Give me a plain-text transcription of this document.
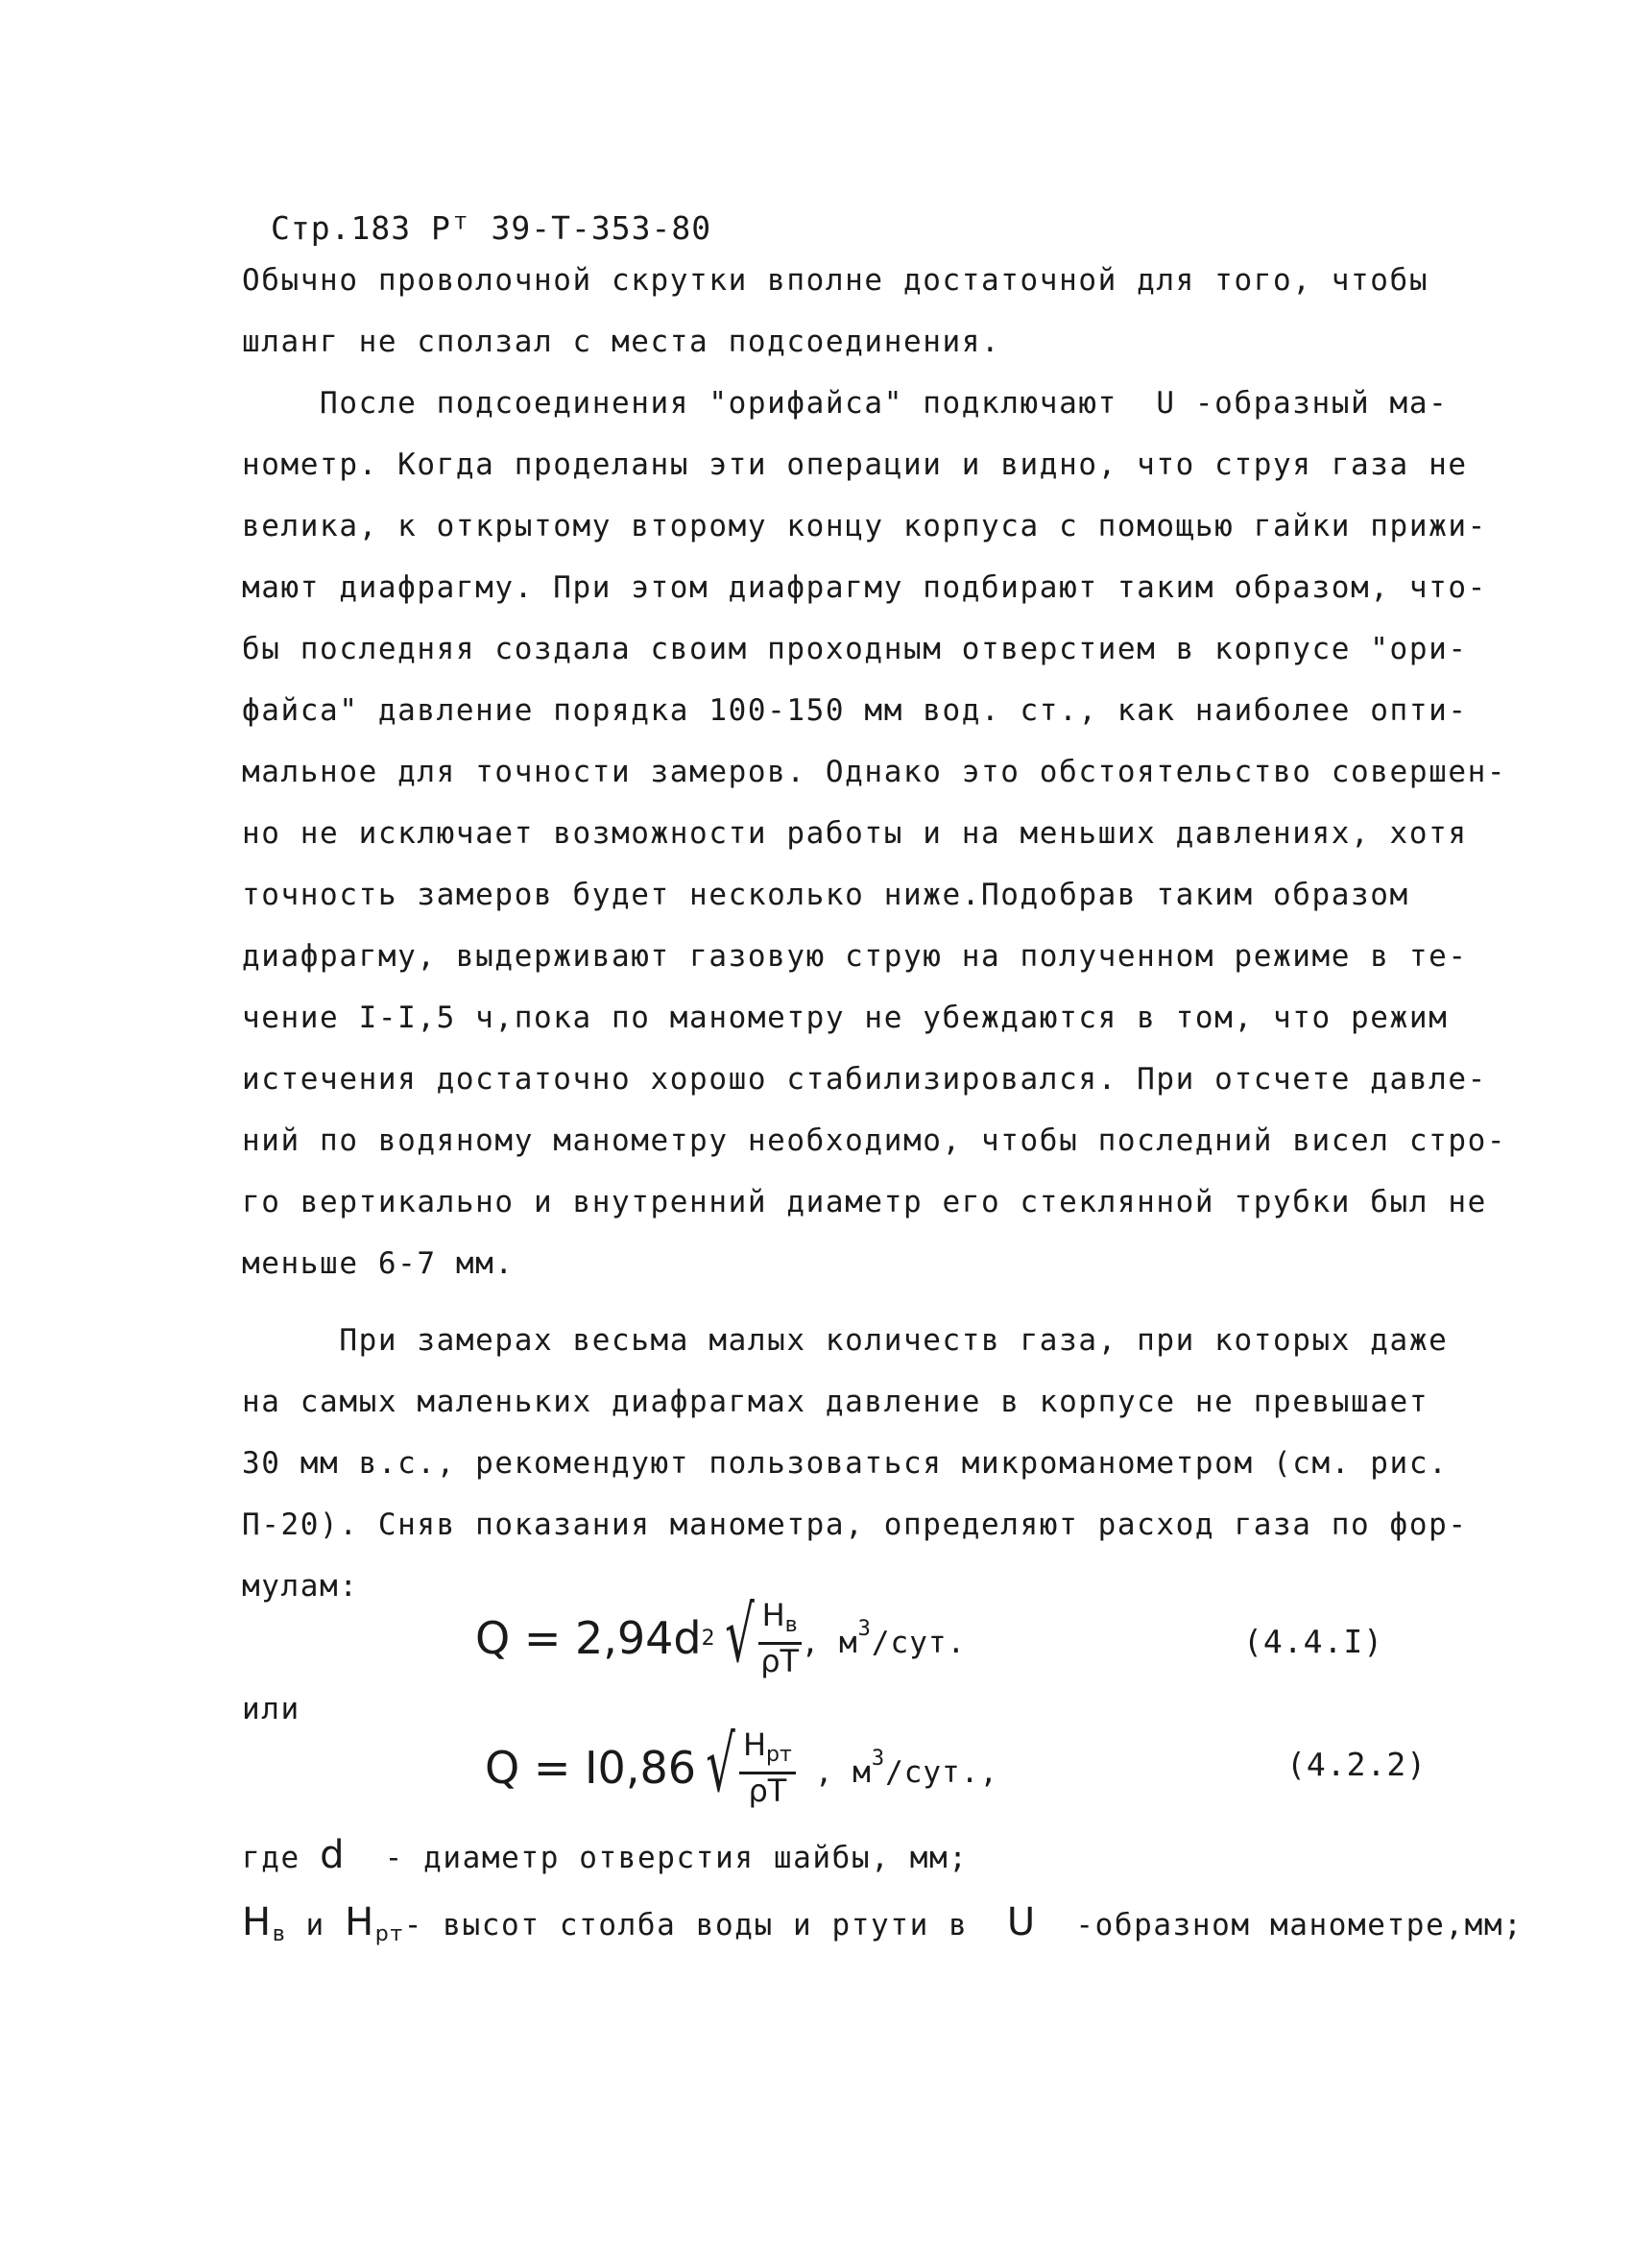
Стр.183 Рᵀ 39-Т-353-80
Обычно проволочной скрутки вполне достаточной для того, чтобы
шланг не сползал с места подсоединения.
После подсоединения "орифайса" подключают  U -образный ма-
нометр. Когда проделаны эти операции и видно, что струя газа не
велика, к открытому второму концу корпуса с помощью гайки прижи-
мают диафрагму. При этом диафрагму подбирают таким образом, что-
бы последняя создала своим проходным отверстием в корпусе "ори-
файса" давление порядка 100-150 мм вод. ст., как наиболее опти-
мальное для точности замеров. Однако это обстоятельство совершен-
но не исключает возможности работы и на меньших давлениях, хотя
точность замеров будет несколько ниже.Подобрав таким образом
диафрагму, выдерживают газовую струю на полученном режиме в те-
чение I-I,5 ч,пока по манометру не убеждаются в том, что режим
истечения достаточно хорошо стабилизировался. При отсчете давле-
ний по водяному манометру необходимо, чтобы последний висел стро-
го вертикально и внутренний диаметр его стеклянной трубки был не
меньше 6-7 мм.
При замерах весьма малых количеств газа, при которых даже
на самых маленьких диафрагмах давление в корпусе не превышает
30 мм в.с., рекомендуют пользоваться микроманометром (см. рис.
П-20). Сняв показания манометра, определяют расход газа по фор-
мулам:
Q = 2,94d 2 √ $\frac{H_в}{\rho T}$ , $м^3$/сут.	(4.4.I)
или
Q = I0,86 √ $\frac{H_{рт}}{\rho T}$ , $м^3$/сут.,	(4.2.2)
где d  - диаметр отверстия шайбы, мм;
$H_в$ и $H_{рт}-$ высот столба воды и ртути в  U  -образном манометре,мм;
